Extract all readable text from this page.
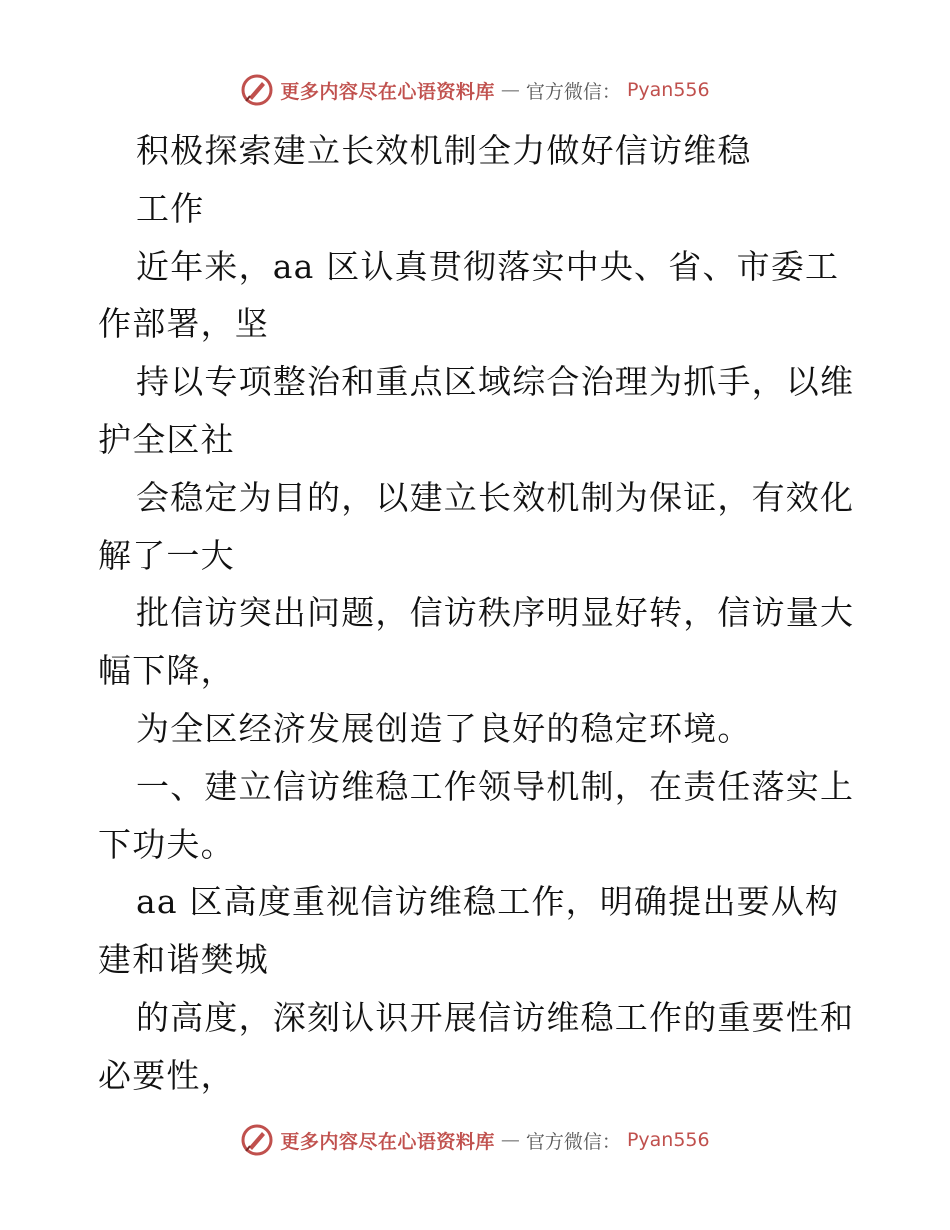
更多内容尽在心语资料库 — 官方微信： Pyan556
积极探索建立长效机制全力做好信访维稳
工作
近年来，aa 区认真贯彻落实中央、省、市委工
作部署，坚
持以专项整治和重点区域综合治理为抓手，以维
护全区社
会稳定为目的，以建立长效机制为保证，有效化
解了一大
批信访突出问题，信访秩序明显好转，信访量大
幅下降，
为全区经济发展创造了良好的稳定环境。
一、建立信访维稳工作领导机制，在责任落实上
下功夫。
aa 区高度重视信访维稳工作，明确提出要从构
建和谐樊城
的高度，深刻认识开展信访维稳工作的重要性和
必要性，
更多内容尽在心语资料库 — 官方微信： Pyan556
